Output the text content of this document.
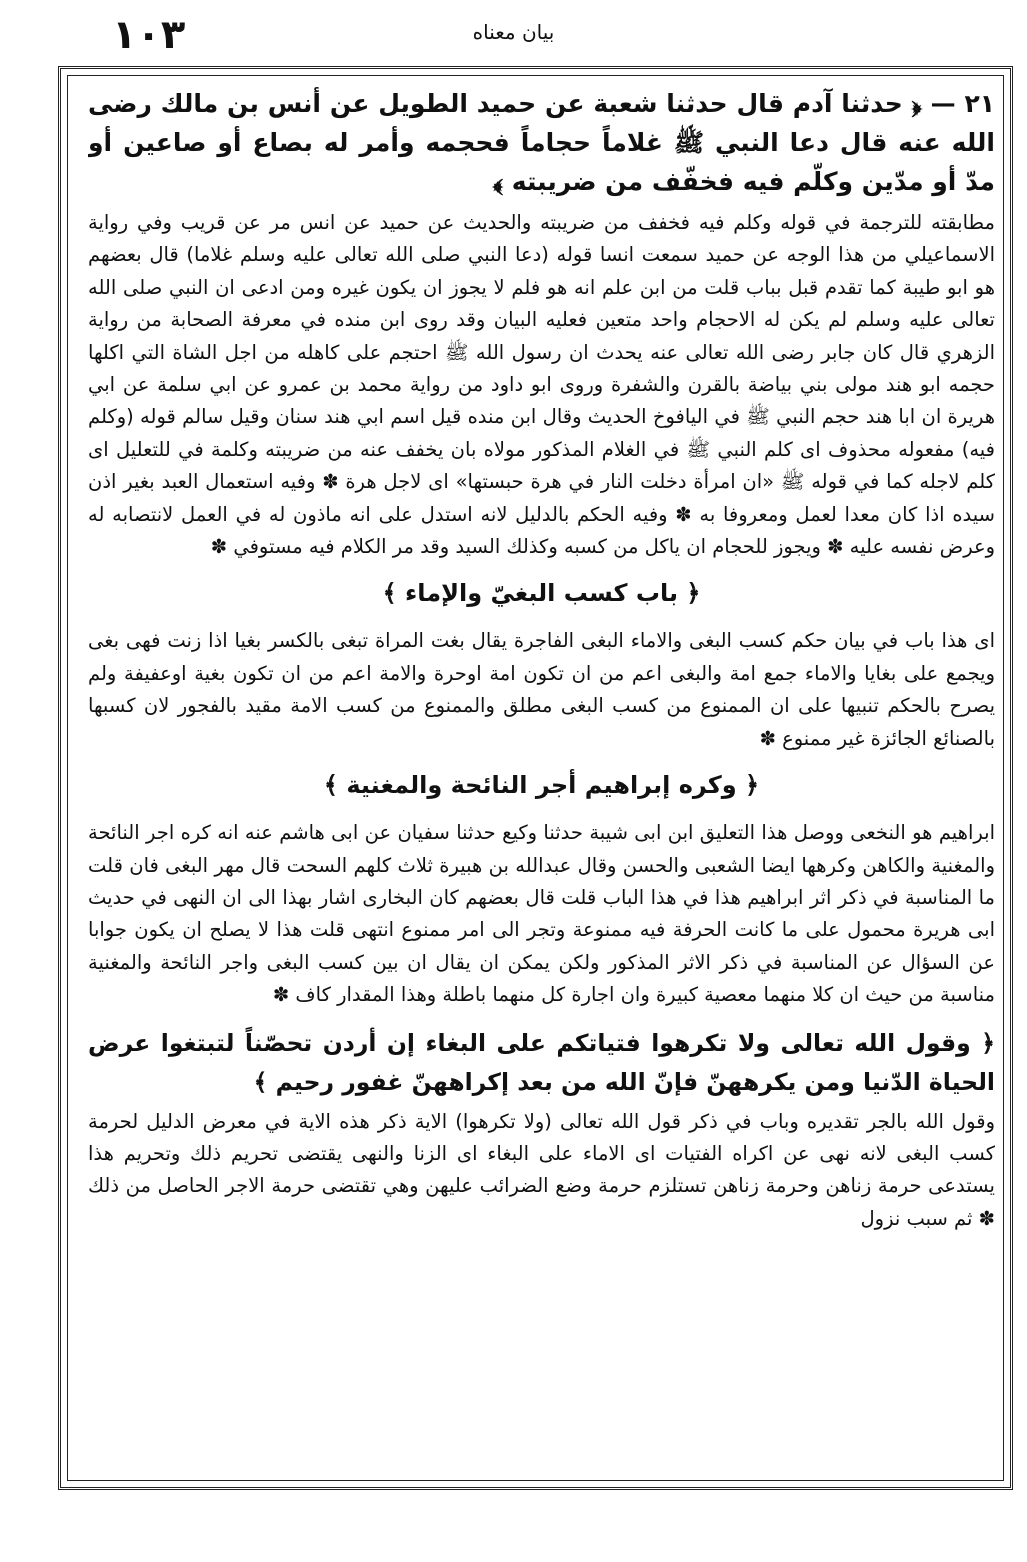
١٠٣	بيان معناه

٢١ — ﴿ حدثنا آدم قال حدثنا شعبة عن حميد الطويل عن أنس بن مالك رضى الله عنه قال دعا النبي ﷺ غلاماً حجاماً فحجمه وأمر له بصاع أو صاعين أو مدّ أو مدّين وكلّم فيه فخفّف من ضريبته ﴾

مطابقته للترجمة في قوله وكلم فيه فخفف من ضريبته والحديث عن حميد عن انس مر عن قريب وفي رواية الاسماعيلي من هذا الوجه عن حميد سمعت انسا قوله (دعا النبي صلى الله تعالى عليه وسلم غلاما) قال بعضهم هو ابو طيبة كما تقدم قبل بباب قلت من ابن علم انه هو فلم لا يجوز ان يكون غيره ومن ادعى ان النبي صلى الله تعالى عليه وسلم لم يكن له الاحجام واحد متعين فعليه البيان وقد روى ابن منده في معرفة الصحابة من رواية الزهري قال كان جابر رضى الله تعالى عنه يحدث ان رسول الله ﷺ احتجم على كاهله من اجل الشاة التي اكلها حجمه ابو هند مولى بني بياضة بالقرن والشفرة وروى ابو داود من رواية محمد بن عمرو عن ابي سلمة عن ابي هريرة ان ابا هند حجم النبي ﷺ في اليافوخ الحديث وقال ابن منده قيل اسم ابي هند سنان وقيل سالم قوله (وكلم فيه) مفعوله محذوف اى كلم النبي ﷺ في الغلام المذكور مولاه بان يخفف عنه من ضريبته وكلمة في للتعليل اى كلم لاجله كما في قوله ﷺ «ان امرأة دخلت النار في هرة حبستها» اى لاجل هرة ✽ وفيه استعمال العبد بغير اذن سيده اذا كان معدا لعمل ومعروفا به ✽ وفيه الحكم بالدليل لانه استدل على انه ماذون له في العمل لانتصابه له وعرض نفسه عليه ✽ ويجوز للحجام ان ياكل من كسبه وكذلك السيد وقد مر الكلام فيه مستوفي ✽

﴿ باب كسب البغيّ والإماء ﴾

اى هذا باب في بيان حكم كسب البغى والاماء البغى الفاجرة يقال بغت المراة تبغى بالكسر بغيا اذا زنت فهى بغى ويجمع على بغايا والاماء جمع امة والبغى اعم من ان تكون امة اوحرة والامة اعم من ان تكون بغية اوعفيفة ولم يصرح بالحكم تنبيها على ان الممنوع من كسب البغى مطلق والممنوع من كسب الامة مقيد بالفجور لان كسبها بالصنائع الجائزة غير ممنوع ✽

﴿ وكره إبراهيم أجر النائحة والمغنية ﴾

ابراهيم هو النخعى ووصل هذا التعليق ابن ابى شيبة حدثنا وكيع حدثنا سفيان عن ابى هاشم عنه انه كره اجر النائحة والمغنية والكاهن وكرهها ايضا الشعبى والحسن وقال عبدالله بن هبيرة ثلاث كلهم السحت قال مهر البغى فان قلت ما المناسبة في ذكر اثر ابراهيم هذا في هذا الباب قلت قال بعضهم كان البخارى اشار بهذا الى ان النهى في حديث ابى هريرة محمول على ما كانت الحرفة فيه ممنوعة وتجر الى امر ممنوع انتهى قلت هذا لا يصلح ان يكون جوابا عن السؤال عن المناسبة في ذكر الاثر المذكور ولكن يمكن ان يقال ان بين كسب البغى واجر النائحة والمغنية مناسبة من حيث ان كلا منهما معصية كبيرة وان اجارة كل منهما باطلة وهذا المقدار كاف ✽

﴿ وقول الله تعالى ولا تكرهوا فتياتكم على البغاء إن أردن تحصّناً لتبتغوا عرض الحياة الدّنيا ومن يكرههنّ فإنّ الله من بعد إكراههنّ غفور رحيم ﴾

وقول الله بالجر تقديره وباب في ذكر قول الله تعالى (ولا تكرهوا) الاية ذكر هذه الاية في معرض الدليل لحرمة كسب البغى لانه نهى عن اكراه الفتيات اى الاماء على البغاء اى الزنا والنهى يقتضى تحريم ذلك وتحريم هذا يستدعى حرمة زناهن وحرمة زناهن تستلزم حرمة وضع الضرائب عليهن وهي تقتضى حرمة الاجر الحاصل من ذلك ✽ ثم سبب نزول
